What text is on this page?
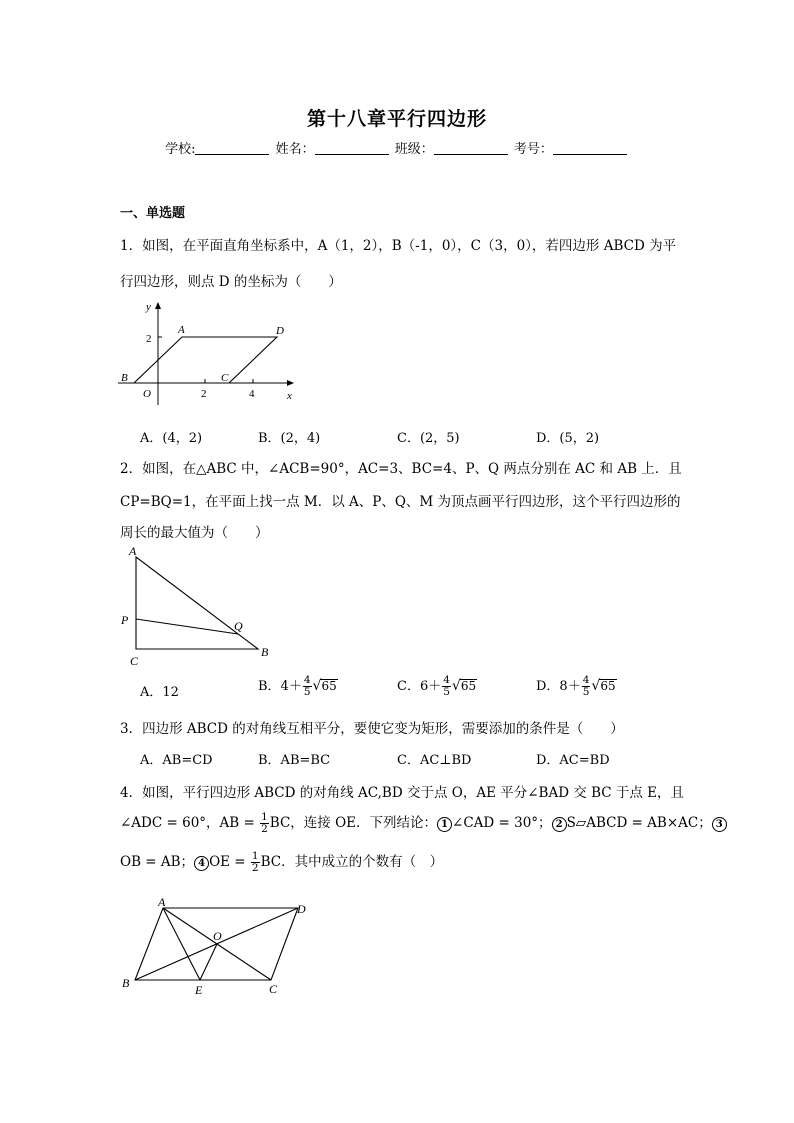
第十八章平行四边形
学校:	姓名：	班级：	考号：
一、单选题
1．如图，在平面直角坐标系中，A（1，2），B（-1，0），C（3，0），若四边形 ABCD 为平
行四边形，则点 D 的坐标为（　　）
y
x
2
2	4
O
A	D
B	C
A．(4，2)	B．(2，4)	C．(2，5)	D．(5，2)
2．如图，在△ABC 中，∠ACB=90°，AC=3、BC=4、P、Q 两点分别在 AC 和 AB 上．且
CP=BQ=1，在平面上找一点 M．以 A、P、Q、M 为顶点画平行四边形，这个平行四边形的
周长的最大值为（　　）
A
P	Q
C
B
A．12	B．$4+ \frac{4}{5} √65$	C．$6+ \frac{4}{5} √65$	D．$8+ \frac{4}{5} √65$
3．四边形 ABCD 的对角线互相平分，要使它变为矩形，需要添加的条件是（　　）
A．AB=CD	B．AB=BC	C．AC⊥BD	D．AC=BD
4．如图，平行四边形 ABCD 的对角线 AC,BD 交于点 O，AE 平分∠BAD 交 BC 于点 E，且
∠ADC = 60°，AB = $\frac{1}{2}$ BC，连接 OE．下列结论： 1 ∠CAD = 30°； 2 S▱ABCD = AB×AC； 3
OB = AB； 4 OE = $\frac{1}{2}$ BC．其中成立的个数有（　）
A	D
O
B	E	C
